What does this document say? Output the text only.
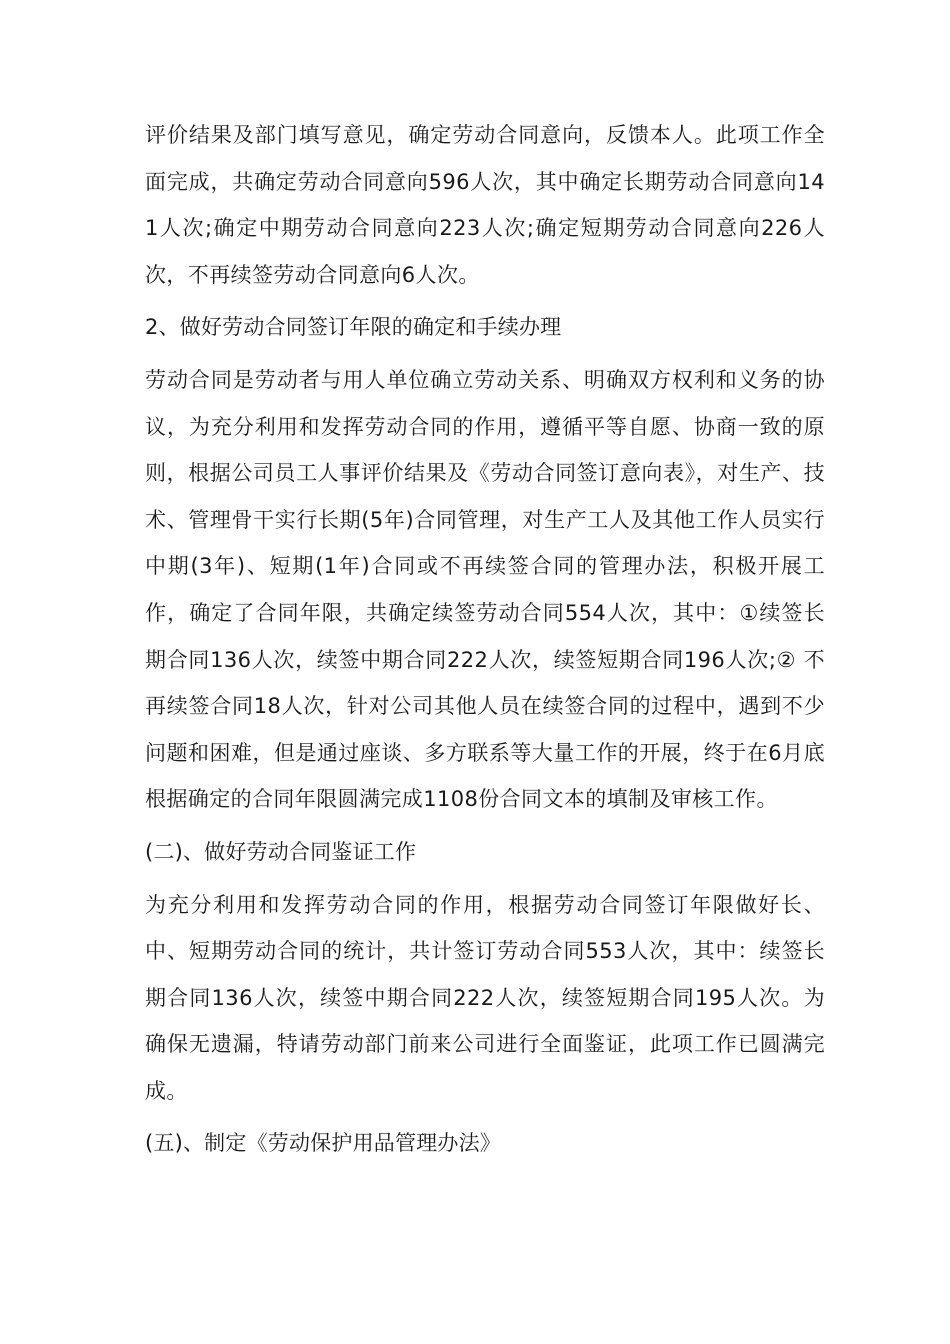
评价结果及部门填写意见，确定劳动合同意向，反馈本人。此项工作全面完成，共确定劳动合同意向596人次，其中确定长期劳动合同意向141人次;确定中期劳动合同意向223人次;确定短期劳动合同意向226人次，不再续签劳动合同意向6人次。

2、做好劳动合同签订年限的确定和手续办理

劳动合同是劳动者与用人单位确立劳动关系、明确双方权利和义务的协议，为充分利用和发挥劳动合同的作用，遵循平等自愿、协商一致的原则，根据公司员工人事评价结果及《劳动合同签订意向表》，对生产、技术、管理骨干实行长期(5年)合同管理，对生产工人及其他工作人员实行中期(3年)、短期(1年)合同或不再续签合同的管理办法，积极开展工作，确定了合同年限，共确定续签劳动合同554人次，其中：①续签长期合同136人次，续签中期合同222人次，续签短期合同196人次;② 不再续签合同18人次，针对公司其他人员在续签合同的过程中，遇到不少问题和困难，但是通过座谈、多方联系等大量工作的开展，终于在6月底根据确定的合同年限圆满完成1108份合同文本的填制及审核工作。

(二)、做好劳动合同鉴证工作

为充分利用和发挥劳动合同的作用，根据劳动合同签订年限做好长、中、短期劳动合同的统计，共计签订劳动合同553人次，其中：续签长期合同136人次，续签中期合同222人次，续签短期合同195人次。为确保无遗漏，特请劳动部门前来公司进行全面鉴证，此项工作已圆满完成。

(五)、制定《劳动保护用品管理办法》
